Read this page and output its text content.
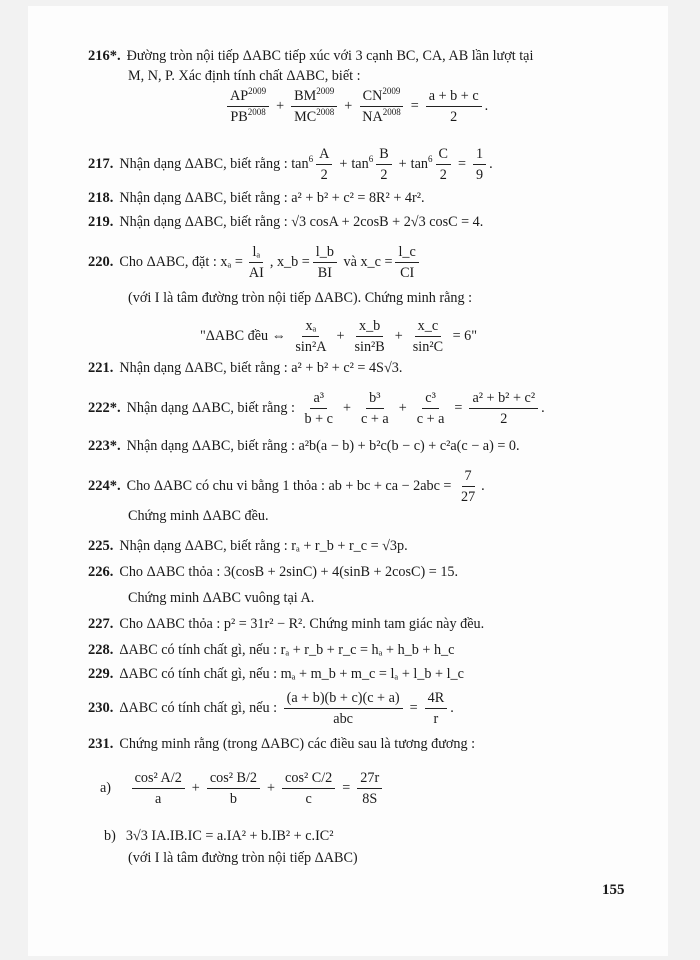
216*. Đường tròn nội tiếp ΔABC tiếp xúc với 3 cạnh BC, CA, AB lần lượt tại
M, N, P. Xác định tính chất ΔABC, biết :
$\frac{AP^{2009}}{PB^{2008}} + \frac{BM^{2009}}{MC^{2008}} + \frac{CN^{2009}}{NA^{2008}} = \frac{a + b + c}{2}$ .
217. Nhận dạng ΔABC, biết rằng : $\tan^6 \frac{A}{2} + \tan^6 \frac{B}{2} + \tan^6 \frac{C}{2} = \frac{1}{9}$ .
218. Nhận dạng ΔABC, biết rằng : a² + b² + c² = 8R² + 4r².
219. Nhận dạng ΔABC, biết rằng : √3 cosA + 2cosB + 2√3 cosC = 4.
220. Cho ΔABC, đặt : $x_a = \frac{\text{lₐ}}{AI}$ , x_b = $\frac{l\_b}{BI}$ và x_c = $\frac{l\_c}{CI}$
(với I là tâm đường tròn nội tiếp ΔABC). Chứng minh rằng :
"ΔABC đều ⇔ $\frac{\text{xₐ}}{\text{sin²A}} + \frac{x\_b}{\text{sin²B}} + \frac{x\_c}{\text{sin²C}} = 6$"
221. Nhận dạng ΔABC, biết rằng : a² + b² + c² = 4S√3.
222*. Nhận dạng ΔABC, biết rằng : $\frac{\text{a³}}{b + c} + \frac{\text{b³}}{c + a} + \frac{\text{c³}}{c + a} = \frac{\text{a² + b² + c²}}{2}$ .
223*. Nhận dạng ΔABC, biết rằng : a²b(a − b) + b²c(b − c) + c²a(c − a) = 0.
224*. Cho ΔABC có chu vi bằng 1 thỏa : ab + bc + ca − $2abc = \frac{7}{27}$ .
Chứng minh ΔABC đều.
225. Nhận dạng ΔABC, biết rằng : rₐ + r_b + r_c = √3p.
226. Cho ΔABC thỏa : 3(cosB + 2sinC) + 4(sinB + 2cosC) = 15.
Chứng minh ΔABC vuông tại A.
227. Cho ΔABC thỏa : p² = 31r² − R². Chứng minh tam giác này đều.
228. ΔABC có tính chất gì, nếu : rₐ + r_b + r_c = hₐ + h_b + h_c
229. ΔABC có tính chất gì, nếu : mₐ + m_b + m_c = lₐ + l_b + l_c
230. ΔABC có tính chất gì, nếu : $\frac{(a + b)(b + c)(c + a)}{\text{abc}} = \frac{4R}{r}$ .
231. Chứng minh rằng (trong ΔABC) các điều sau là tương đương :
$a) \frac{\text{cos² A/2}}{a} + \frac{\text{cos² B/2}}{b} + \frac{\text{cos² C/2}}{c} = \frac{27r}{8S}$
b) 3√3 IA.IB.IC = a.IA² + b.IB² + c.IC²
(với I là tâm đường tròn nội tiếp ΔABC)
155
